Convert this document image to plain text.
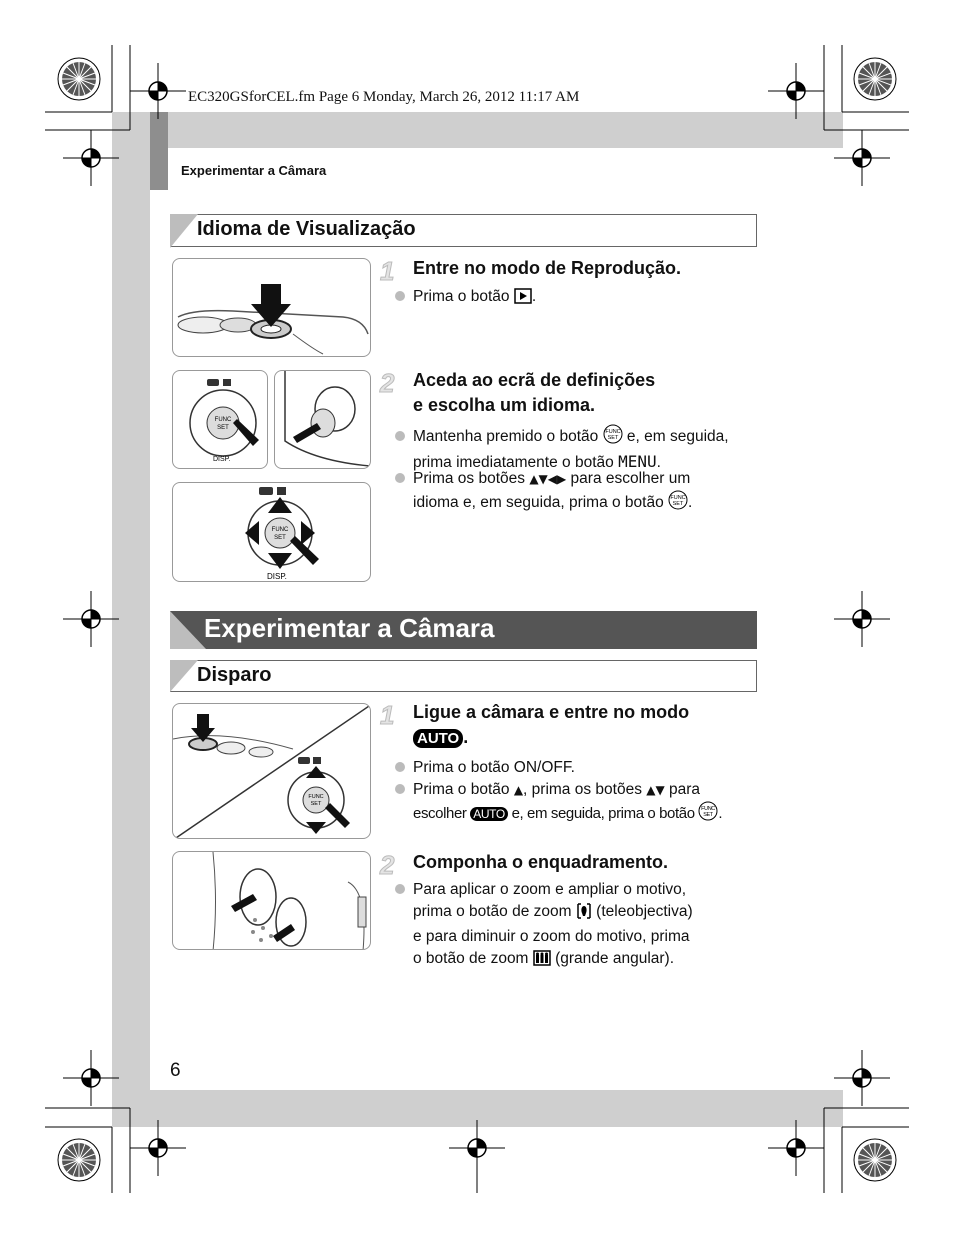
EC320GSforCEL.fm Page 6 Monday, March 26, 2012 11:17 AM
Experimentar a Câmara
Idioma de Visualização
1 Entre no modo de Reprodução.
Prima o botão .
FUNC
SET
DISP.
2 Aceda ao ecrã de definições
e escolha um idioma.
Mantenha premido o botão FUNC
SET e, em seguida,
prima imediatamente o botão MENU.
Prima os botões ▲▼◀▶ para escolher um
idioma e, em seguida, prima o botão FUNC
SET .
FUNC
SET
DISP.
Experimentar a Câmara
Disparo
FUNC
SET
1 Ligue a câmara e entre no modo
AUTO .
Prima o botão ON/OFF.
Prima o botão ▲, prima os botões ▲▼ para
escolher AUTO e, em seguida, prima o botão FUNC
SET .
2 Componha o enquadramento.
Para aplicar o zoom e ampliar o motivo,
prima o botão de zoom (teleobjectiva)
e para diminuir o zoom do motivo, prima
o botão de zoom (grande angular).
6
